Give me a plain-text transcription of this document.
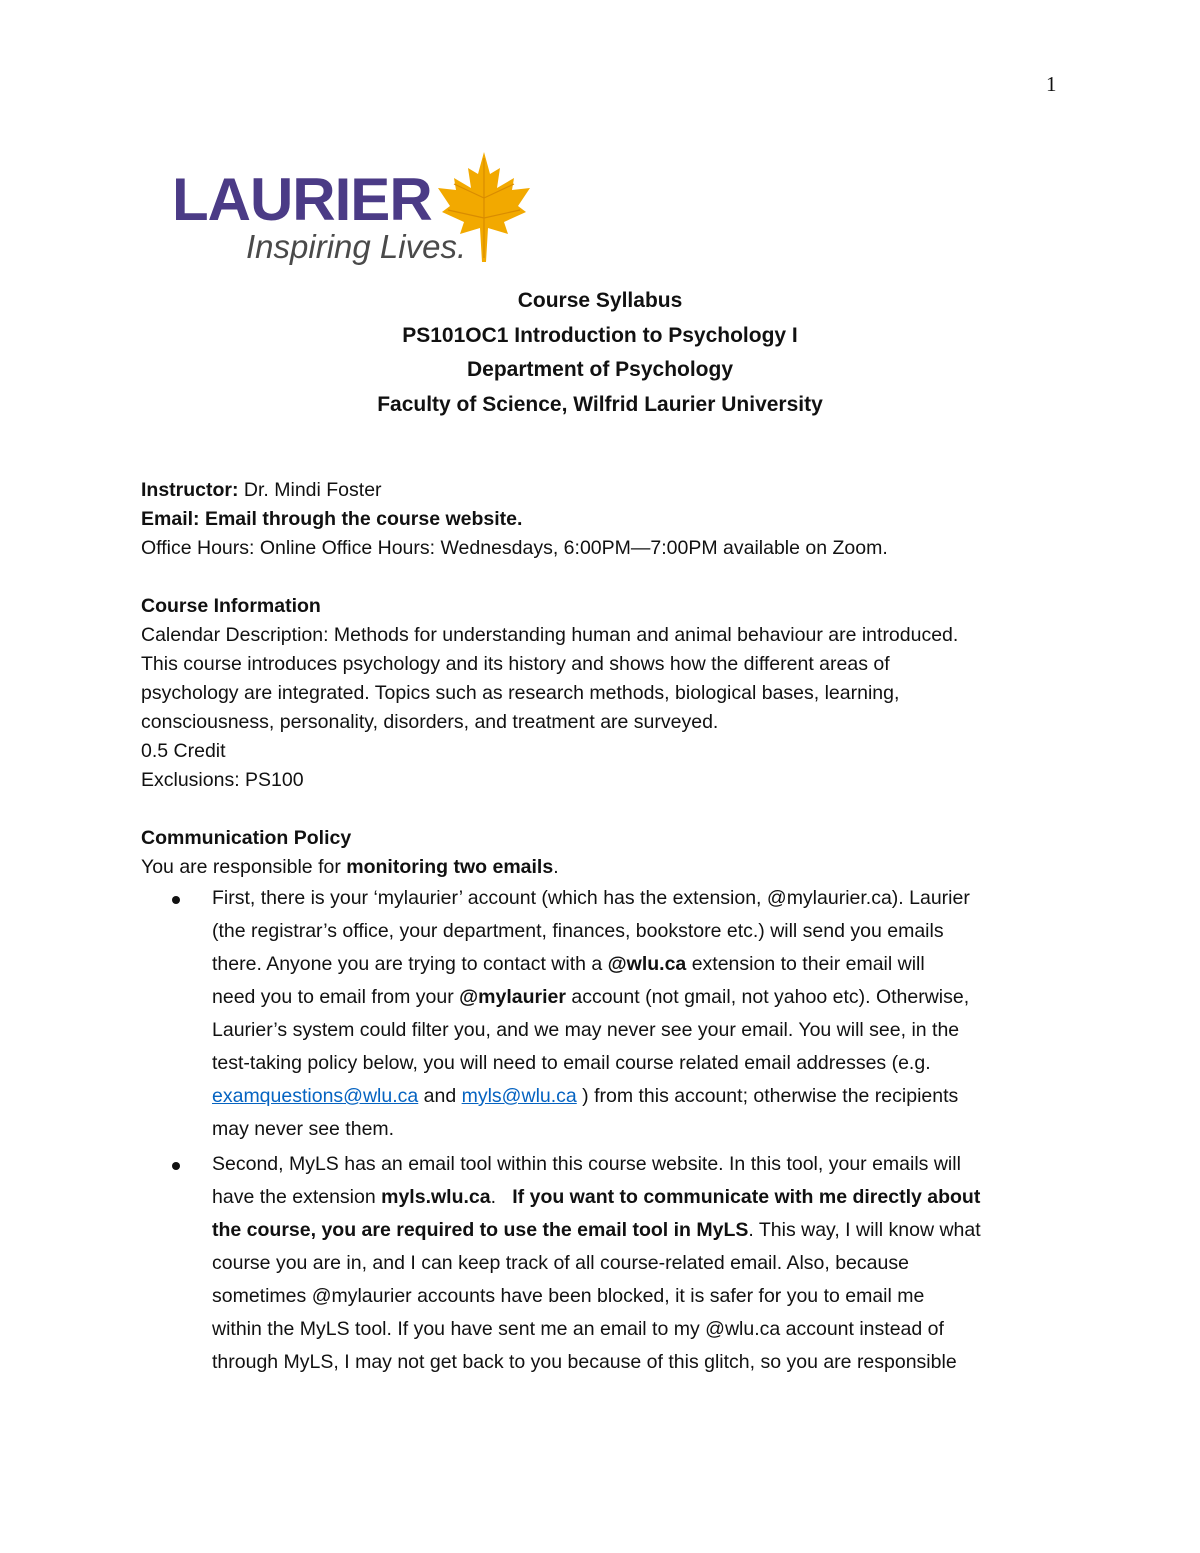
1
LAURIER
Inspiring Lives.
Course Syllabus
PS101OC1 Introduction to Psychology I
Department of Psychology
Faculty of Science, Wilfrid Laurier University
Instructor: Dr. Mindi Foster
Email: Email through the course website.
Office Hours: Online Office Hours: Wednesdays, 6:00PM—7:00PM available on Zoom.
Course Information
Calendar Description: Methods for understanding human and animal behaviour are introduced.
This course introduces psychology and its history and shows how the different areas of
psychology are integrated. Topics such as research methods, biological bases, learning,
consciousness, personality, disorders, and treatment are surveyed.
0.5 Credit
Exclusions: PS100
Communication Policy
You are responsible for monitoring two emails.
First, there is your ‘mylaurier’ account (which has the extension, @mylaurier.ca). Laurier
(the registrar’s office, your department, finances, bookstore etc.) will send you emails
there. Anyone you are trying to contact with a @wlu.ca extension to their email will
need you to email from your @mylaurier account (not gmail, not yahoo etc). Otherwise,
Laurier’s system could filter you, and we may never see your email. You will see, in the
test-taking policy below, you will need to email course related email addresses (e.g.
examquestions@wlu.ca and myls@wlu.ca ) from this account; otherwise the recipients
may never see them.
Second, MyLS has an email tool within this course website. In this tool, your emails will
have the extension myls.wlu.ca.   If you want to communicate with me directly about
the course, you are required to use the email tool in MyLS. This way, I will know what
course you are in, and I can keep track of all course-related email. Also, because
sometimes @mylaurier accounts have been blocked, it is safer for you to email me
within the MyLS tool. If you have sent me an email to my @wlu.ca account instead of
through MyLS, I may not get back to you because of this glitch, so you are responsible
